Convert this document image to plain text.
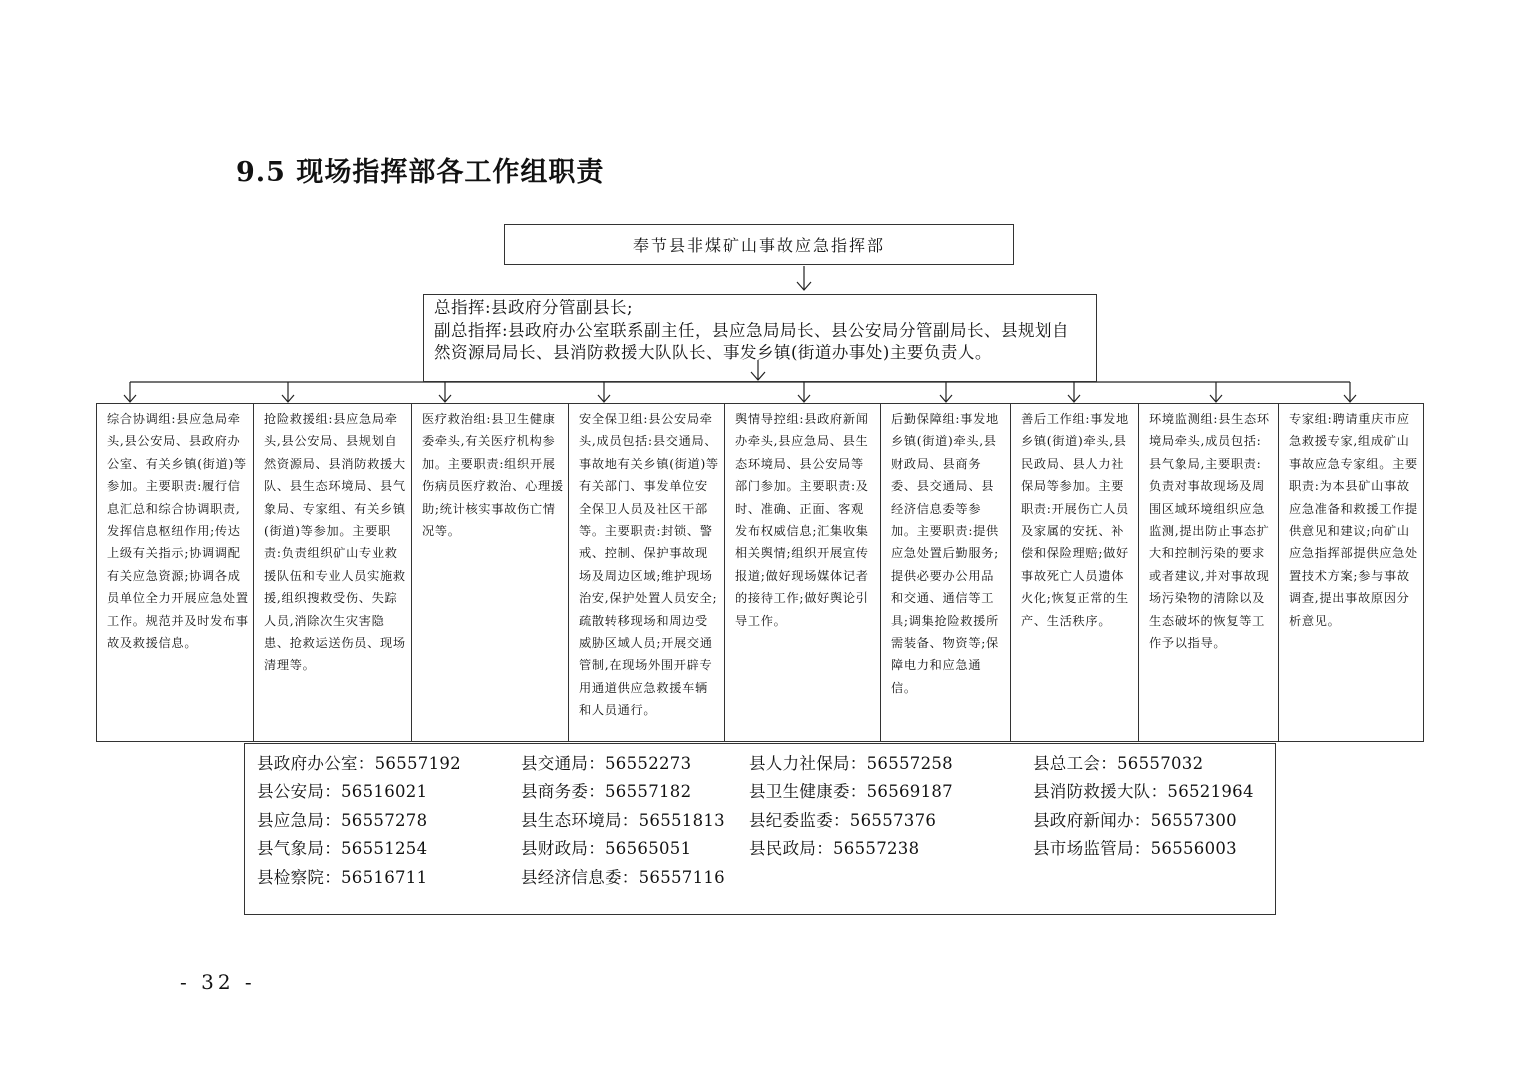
9.5 现场指挥部各工作组职责
奉节县非煤矿山事故应急指挥部
总指挥:县政府分管副县长;
副总指挥:县政府办公室联系副主任，县应急局局长、县公安局分管副局长、县规划自然资源局局长、县消防救援大队队长、事发乡镇(街道办事处)主要负责人。
综合协调组:县应急局牵头,县公安局、县政府办公室、有关乡镇(街道)等参加。主要职责:履行信息汇总和综合协调职责,发挥信息枢纽作用;传达上级有关指示;协调调配有关应急资源;协调各成员单位全力开展应急处置工作。规范并及时发布事故及救援信息。
抢险救援组:县应急局牵头,县公安局、县规划自然资源局、县消防救援大队、县生态环境局、县气象局、专家组、有关乡镇(街道)等参加。主要职责:负责组织矿山专业救援队伍和专业人员实施救援,组织搜救受伤、失踪人员,消除次生灾害隐患、抢救运送伤员、现场清理等。
医疗救治组:县卫生健康委牵头,有关医疗机构参加。主要职责:组织开展伤病员医疗救治、心理援助;统计核实事故伤亡情况等。
安全保卫组:县公安局牵头,成员包括:县交通局、事故地有关乡镇(街道)等有关部门、事发单位安全保卫人员及社区干部等。主要职责:封锁、警戒、控制、保护事故现场及周边区域;维护现场治安,保护处置人员安全;疏散转移现场和周边受威胁区域人员;开展交通管制,在现场外围开辟专用通道供应急救援车辆和人员通行。
舆情导控组:县政府新闻办牵头,县应急局、县生态环境局、县公安局等部门参加。主要职责:及时、准确、正面、客观发布权威信息;汇集收集相关舆情;组织开展宣传报道;做好现场媒体记者的接待工作;做好舆论引导工作。
后勤保障组:事发地乡镇(街道)牵头,县财政局、县商务委、县交通局、县经济信息委等参加。主要职责:提供应急处置后勤服务;提供必要办公用品和交通、通信等工具;调集抢险救援所需装备、物资等;保障电力和应急通信。
善后工作组:事发地乡镇(街道)牵头,县民政局、县人力社保局等参加。主要职责:开展伤亡人员及家属的安抚、补偿和保险理赔;做好事故死亡人员遗体火化;恢复正常的生产、生活秩序。
环境监测组:县生态环境局牵头,成员包括:县气象局,主要职责:负责对事故现场及周围区域环境组织应急监测,提出防止事态扩大和控制污染的要求或者建议,并对事故现场污染物的清除以及生态破坏的恢复等工作予以指导。
专家组:聘请重庆市应急救援专家,组成矿山事故应急专家组。主要职责:为本县矿山事故应急准备和救援工作提供意见和建议;向矿山应急指挥部提供应急处置技术方案;参与事故调查,提出事故原因分析意见。
县政府办公室：56557192	县交通局：56552273	县人力社保局：56557258	县总工会：56557032
县公安局：56516021	县商务委：56557182	县卫生健康委：56569187	县消防救援大队：56521964
县应急局：56557278	县生态环境局：56551813 县纪委监委：56557376	县政府新闻办：56557300
县气象局：56551254	县财政局：56565051	县民政局：56557238	县市场监管局：56556003
县检察院：56516711	县经济信息委：56557116
- 32 -
